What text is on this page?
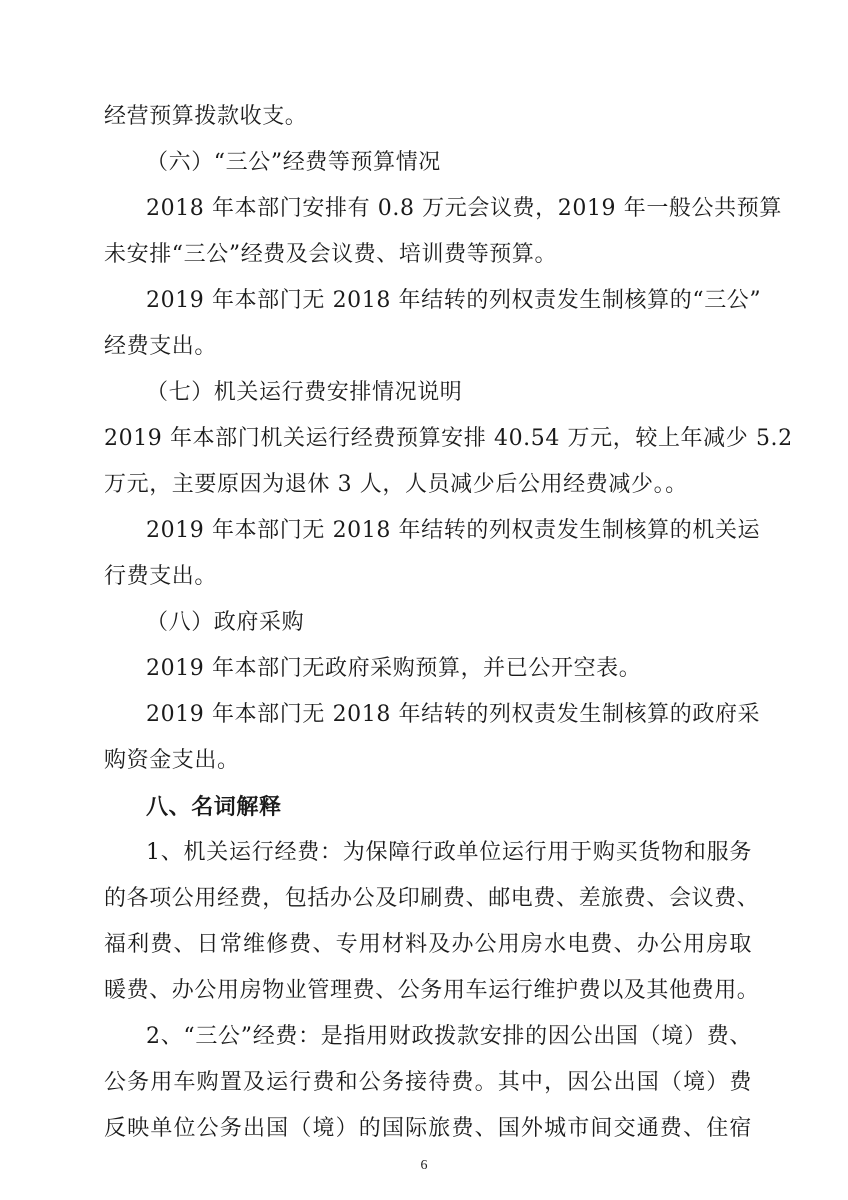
经营预算拨款收支。
（六）“三公”经费等预算情况
2018 年本部门安排有 0.8 万元会议费，2019 年一般公共预算
未安排“三公”经费及会议费、培训费等预算。
2019 年本部门无 2018 年结转的列权责发生制核算的“三公”
经费支出。
（七）机关运行费安排情况说明
2019 年本部门机关运行经费预算安排 40.54 万元，较上年减少 5.2
万元，主要原因为退休 3 人，人员减少后公用经费减少。。
2019 年本部门无 2018 年结转的列权责发生制核算的机关运
行费支出。
（八）政府采购
2019 年本部门无政府采购预算，并已公开空表。
2019 年本部门无 2018 年结转的列权责发生制核算的政府采
购资金支出。
八、名词解释
1、机关运行经费：为保障行政单位运行用于购买货物和服务
的各项公用经费，包括办公及印刷费、邮电费、差旅费、会议费、
福利费、日常维修费、专用材料及办公用房水电费、办公用房取
暖费、办公用房物业管理费、公务用车运行维护费以及其他费用。
2、“三公”经费：是指用财政拨款安排的因公出国（境）费、
公务用车购置及运行费和公务接待费。其中，因公出国（境）费
反映单位公务出国（境）的国际旅费、国外城市间交通费、住宿
6
